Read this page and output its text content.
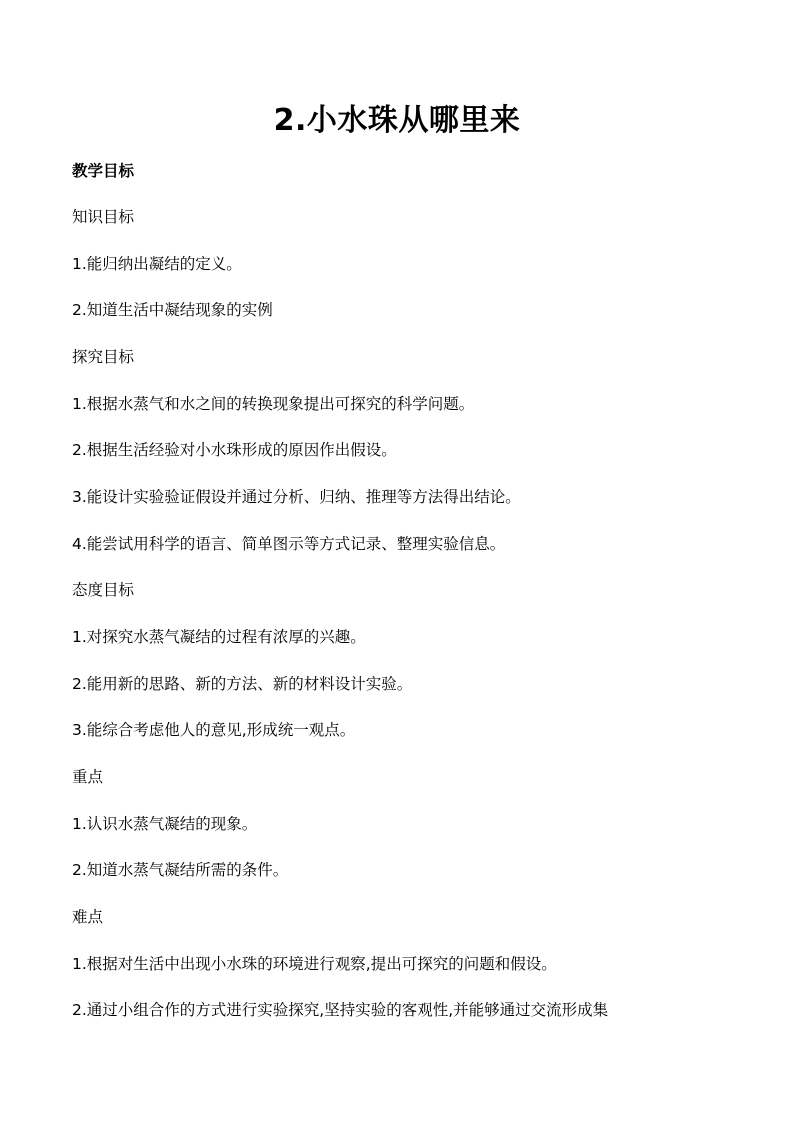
2.小水珠从哪里来
教学目标
知识目标
1.能归纳出凝结的定义。
2.知道生活中凝结现象的实例
探究目标
1.根据水蒸气和水之间的转换现象提出可探究的科学问题。
2.根据生活经验对小水珠形成的原因作出假设。
3.能设计实验验证假设并通过分析、归纳、推理等方法得出结论。
4.能尝试用科学的语言、简单图示等方式记录、整理实验信息。
态度目标
1.对探究水蒸气凝结的过程有浓厚的兴趣。
2.能用新的思路、新的方法、新的材料设计实验。
3.能综合考虑他人的意见,形成统一观点。
重点
1.认识水蒸气凝结的现象。
2.知道水蒸气凝结所需的条件。
难点
1.根据对生活中出现小水珠的环境进行观察,提出可探究的问题和假设。
2.通过小组合作的方式进行实验探究,坚持实验的客观性,并能够通过交流形成集
